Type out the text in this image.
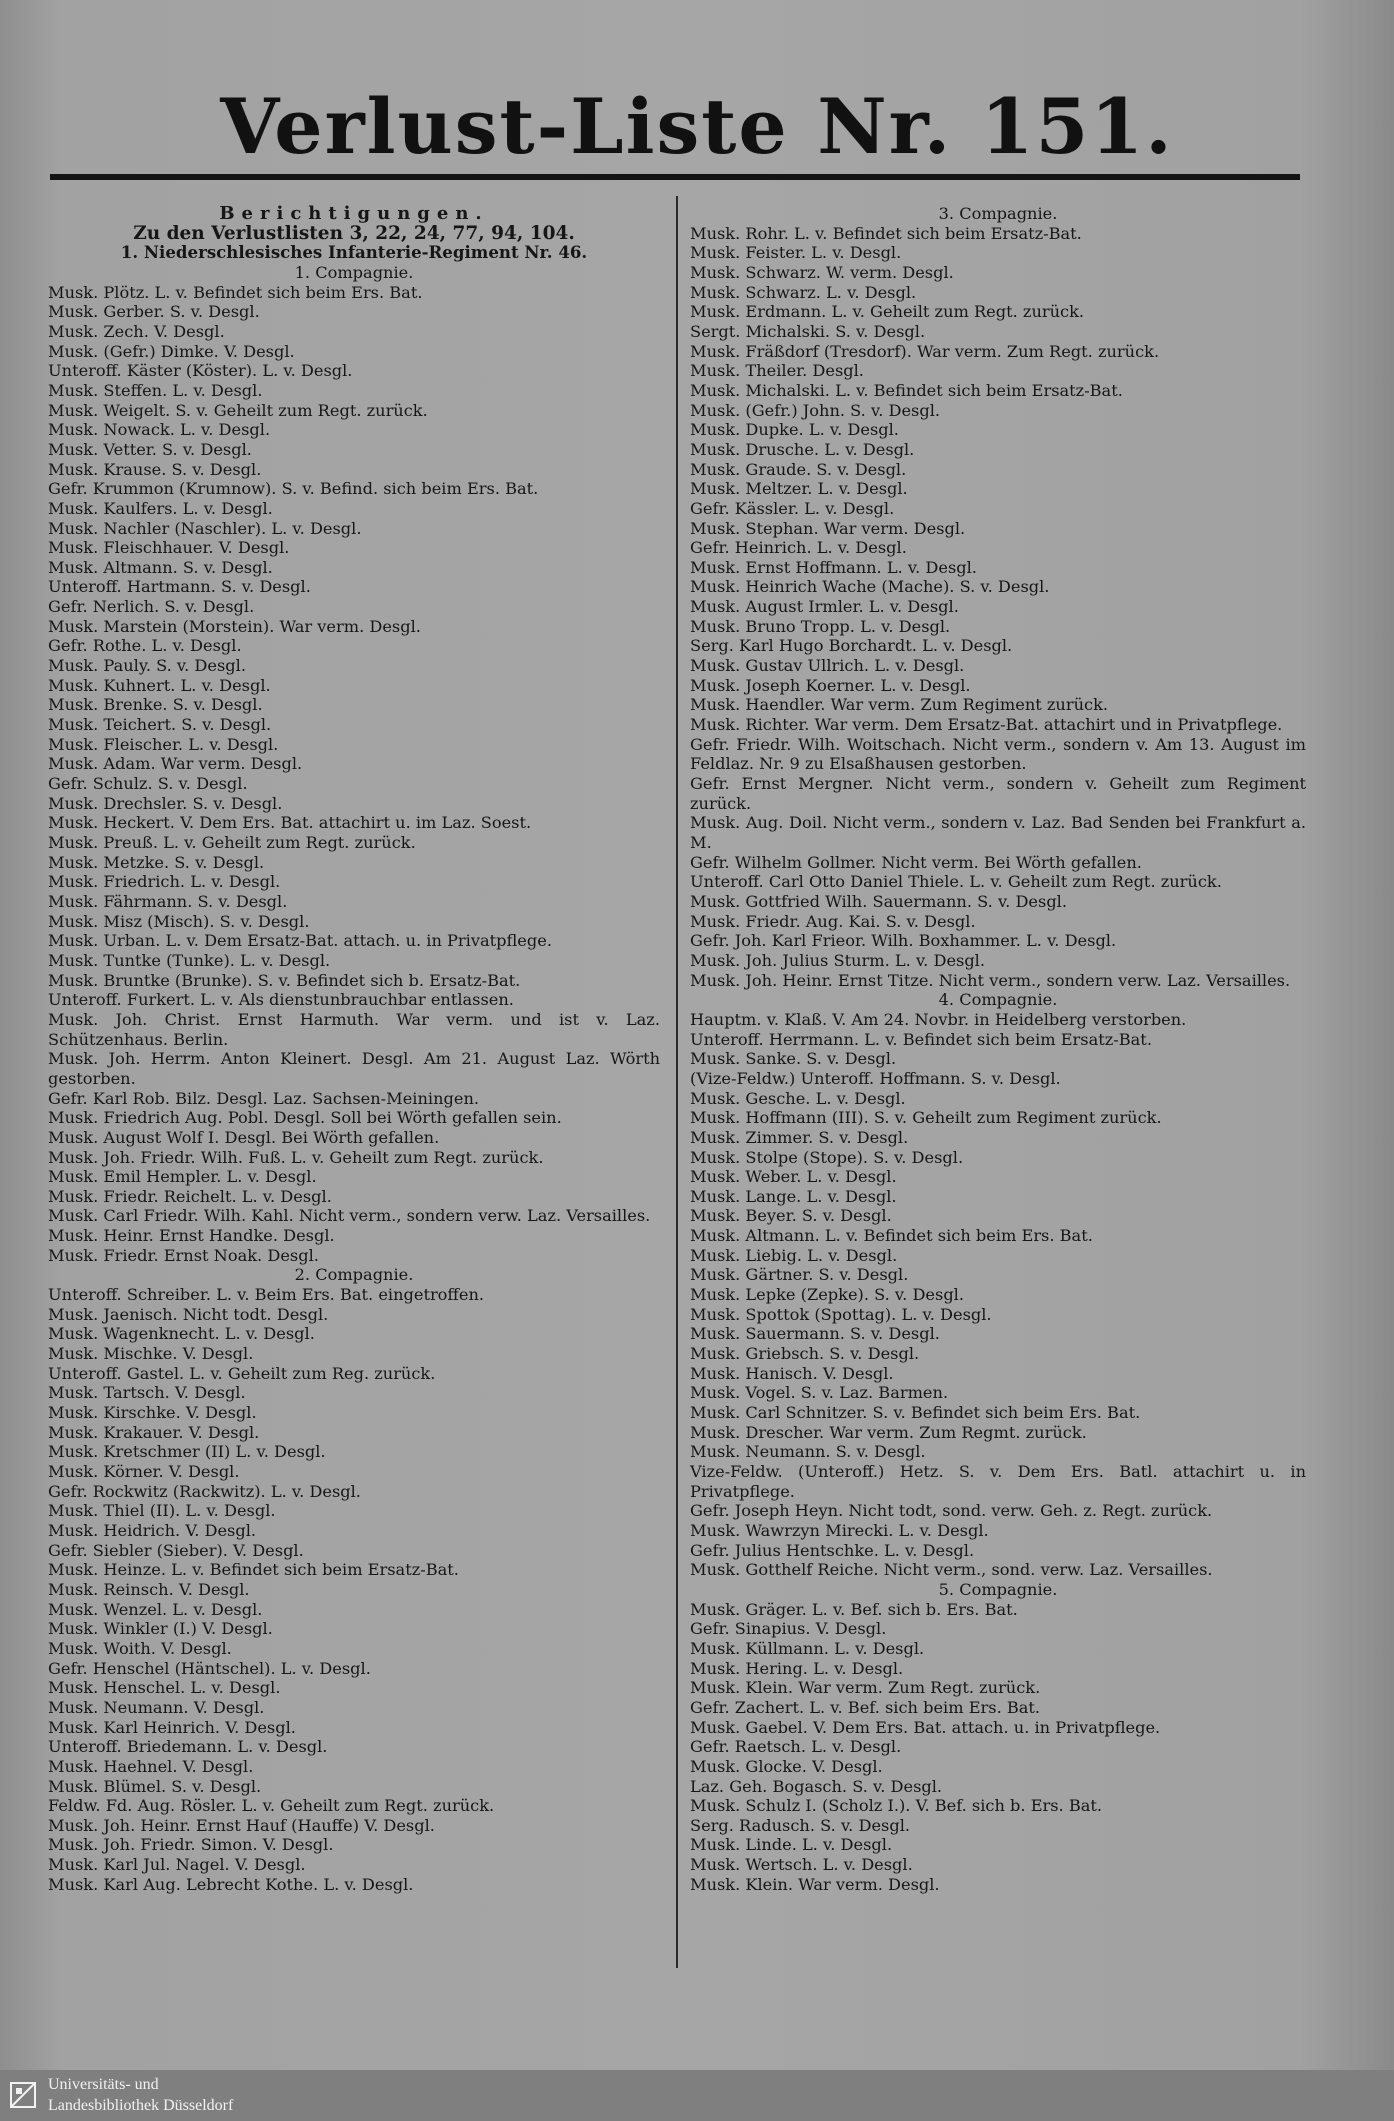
Verlust-Liste Nr. 151.
Berichtigungen.
Zu den Verlustlisten 3, 22, 24, 77, 94, 104.
1. Niederschlesisches Infanterie-Regiment Nr. 46.
1. Compagnie.
Musk. Plötz. L. v. Befindet sich beim Ers. Bat.
Musk. Gerber. S. v. Desgl.
Musk. Zech. V. Desgl.
Musk. (Gefr.) Dimke. V. Desgl.
Unteroff. Käster (Köster). L. v. Desgl.
Musk. Steffen. L. v. Desgl.
Musk. Weigelt. S. v. Geheilt zum Regt. zurück.
Musk. Nowack. L. v. Desgl.
Musk. Vetter. S. v. Desgl.
Musk. Krause. S. v. Desgl.
Gefr. Krummon (Krumnow). S. v. Befind. sich beim Ers. Bat.
Musk. Kaulfers. L. v. Desgl.
Musk. Nachler (Naschler). L. v. Desgl.
Musk. Fleischhauer. V. Desgl.
Musk. Altmann. S. v. Desgl.
Unteroff. Hartmann. S. v. Desgl.
Gefr. Nerlich. S. v. Desgl.
Musk. Marstein (Morstein). War verm. Desgl.
Gefr. Rothe. L. v. Desgl.
Musk. Pauly. S. v. Desgl.
Musk. Kuhnert. L. v. Desgl.
Musk. Brenke. S. v. Desgl.
Musk. Teichert. S. v. Desgl.
Musk. Fleischer. L. v. Desgl.
Musk. Adam. War verm. Desgl.
Gefr. Schulz. S. v. Desgl.
Musk. Drechsler. S. v. Desgl.
Musk. Heckert. V. Dem Ers. Bat. attachirt u. im Laz. Soest.
Musk. Preuß. L. v. Geheilt zum Regt. zurück.
Musk. Metzke. S. v. Desgl.
Musk. Friedrich. L. v. Desgl.
Musk. Fährmann. S. v. Desgl.
Musk. Misz (Misch). S. v. Desgl.
Musk. Urban. L. v. Dem Ersatz-Bat. attach. u. in Privatpflege.
Musk. Tuntke (Tunke). L. v. Desgl.
Musk. Bruntke (Brunke). S. v. Befindet sich b. Ersatz-Bat.
Unteroff. Furkert. L. v. Als dienstunbrauchbar entlassen.
Musk. Joh. Christ. Ernst Harmuth. War verm. und ist v. Laz. Schützenhaus. Berlin.
Musk. Joh. Herrm. Anton Kleinert. Desgl. Am 21. August Laz. Wörth gestorben.
Gefr. Karl Rob. Bilz. Desgl. Laz. Sachsen-Meiningen.
Musk. Friedrich Aug. Pobl. Desgl. Soll bei Wörth gefallen sein.
Musk. August Wolf I. Desgl. Bei Wörth gefallen.
Musk. Joh. Friedr. Wilh. Fuß. L. v. Geheilt zum Regt. zurück.
Musk. Emil Hempler. L. v. Desgl.
Musk. Friedr. Reichelt. L. v. Desgl.
Musk. Carl Friedr. Wilh. Kahl. Nicht verm., sondern verw. Laz. Versailles.
Musk. Heinr. Ernst Handke. Desgl.
Musk. Friedr. Ernst Noak. Desgl.
2. Compagnie.
Unteroff. Schreiber. L. v. Beim Ers. Bat. eingetroffen.
Musk. Jaenisch. Nicht todt. Desgl.
Musk. Wagenknecht. L. v. Desgl.
Musk. Mischke. V. Desgl.
Unteroff. Gastel. L. v. Geheilt zum Reg. zurück.
Musk. Tartsch. V. Desgl.
Musk. Kirschke. V. Desgl.
Musk. Krakauer. V. Desgl.
Musk. Kretschmer (II) L. v. Desgl.
Musk. Körner. V. Desgl.
Gefr. Rockwitz (Rackwitz). L. v. Desgl.
Musk. Thiel (II). L. v. Desgl.
Musk. Heidrich. V. Desgl.
Gefr. Siebler (Sieber). V. Desgl.
Musk. Heinze. L. v. Befindet sich beim Ersatz-Bat.
Musk. Reinsch. V. Desgl.
Musk. Wenzel. L. v. Desgl.
Musk. Winkler (I.) V. Desgl.
Musk. Woith. V. Desgl.
Gefr. Henschel (Häntschel). L. v. Desgl.
Musk. Henschel. L. v. Desgl.
Musk. Neumann. V. Desgl.
Musk. Karl Heinrich. V. Desgl.
Unteroff. Briedemann. L. v. Desgl.
Musk. Haehnel. V. Desgl.
Musk. Blümel. S. v. Desgl.
Feldw. Fd. Aug. Rösler. L. v. Geheilt zum Regt. zurück.
Musk. Joh. Heinr. Ernst Hauf (Hauffe) V. Desgl.
Musk. Joh. Friedr. Simon. V. Desgl.
Musk. Karl Jul. Nagel. V. Desgl.
Musk. Karl Aug. Lebrecht Kothe. L. v. Desgl.
3. Compagnie.
Musk. Rohr. L. v. Befindet sich beim Ersatz-Bat.
Musk. Feister. L. v. Desgl.
Musk. Schwarz. W. verm. Desgl.
Musk. Schwarz. L. v. Desgl.
Musk. Erdmann. L. v. Geheilt zum Regt. zurück.
Sergt. Michalski. S. v. Desgl.
Musk. Fräßdorf (Tresdorf). War verm. Zum Regt. zurück.
Musk. Theiler. Desgl.
Musk. Michalski. L. v. Befindet sich beim Ersatz-Bat.
Musk. (Gefr.) John. S. v. Desgl.
Musk. Dupke. L. v. Desgl.
Musk. Drusche. L. v. Desgl.
Musk. Graude. S. v. Desgl.
Musk. Meltzer. L. v. Desgl.
Gefr. Kässler. L. v. Desgl.
Musk. Stephan. War verm. Desgl.
Gefr. Heinrich. L. v. Desgl.
Musk. Ernst Hoffmann. L. v. Desgl.
Musk. Heinrich Wache (Mache). S. v. Desgl.
Musk. August Irmler. L. v. Desgl.
Musk. Bruno Tropp. L. v. Desgl.
Serg. Karl Hugo Borchardt. L. v. Desgl.
Musk. Gustav Ullrich. L. v. Desgl.
Musk. Joseph Koerner. L. v. Desgl.
Musk. Haendler. War verm. Zum Regiment zurück.
Musk. Richter. War verm. Dem Ersatz-Bat. attachirt und in Privatpflege.
Gefr. Friedr. Wilh. Woitschach. Nicht verm., sondern v. Am 13. August im Feldlaz. Nr. 9 zu Elsaßhausen gestorben.
Gefr. Ernst Mergner. Nicht verm., sondern v. Geheilt zum Regiment zurück.
Musk. Aug. Doil. Nicht verm., sondern v. Laz. Bad Senden bei Frankfurt a. M.
Gefr. Wilhelm Gollmer. Nicht verm. Bei Wörth gefallen.
Unteroff. Carl Otto Daniel Thiele. L. v. Geheilt zum Regt. zurück.
Musk. Gottfried Wilh. Sauermann. S. v. Desgl.
Musk. Friedr. Aug. Kai. S. v. Desgl.
Gefr. Joh. Karl Frieor. Wilh. Boxhammer. L. v. Desgl.
Musk. Joh. Julius Sturm. L. v. Desgl.
Musk. Joh. Heinr. Ernst Titze. Nicht verm., sondern verw. Laz. Versailles.
4. Compagnie.
Hauptm. v. Klaß. V. Am 24. Novbr. in Heidelberg verstorben.
Unteroff. Herrmann. L. v. Befindet sich beim Ersatz-Bat.
Musk. Sanke. S. v. Desgl.
(Vize-Feldw.) Unteroff. Hoffmann. S. v. Desgl.
Musk. Gesche. L. v. Desgl.
Musk. Hoffmann (III). S. v. Geheilt zum Regiment zurück.
Musk. Zimmer. S. v. Desgl.
Musk. Stolpe (Stope). S. v. Desgl.
Musk. Weber. L. v. Desgl.
Musk. Lange. L. v. Desgl.
Musk. Beyer. S. v. Desgl.
Musk. Altmann. L. v. Befindet sich beim Ers. Bat.
Musk. Liebig. L. v. Desgl.
Musk. Gärtner. S. v. Desgl.
Musk. Lepke (Zepke). S. v. Desgl.
Musk. Spottok (Spottag). L. v. Desgl.
Musk. Sauermann. S. v. Desgl.
Musk. Griebsch. S. v. Desgl.
Musk. Hanisch. V. Desgl.
Musk. Vogel. S. v. Laz. Barmen.
Musk. Carl Schnitzer. S. v. Befindet sich beim Ers. Bat.
Musk. Drescher. War verm. Zum Regmt. zurück.
Musk. Neumann. S. v. Desgl.
Vize-Feldw. (Unteroff.) Hetz. S. v. Dem Ers. Batl. attachirt u. in Privatpflege.
Gefr. Joseph Heyn. Nicht todt, sond. verw. Geh. z. Regt. zurück.
Musk. Wawrzyn Mirecki. L. v. Desgl.
Gefr. Julius Hentschke. L. v. Desgl.
Musk. Gotthelf Reiche. Nicht verm., sond. verw. Laz. Versailles.
5. Compagnie.
Musk. Gräger. L. v. Bef. sich b. Ers. Bat.
Gefr. Sinapius. V. Desgl.
Musk. Küllmann. L. v. Desgl.
Musk. Hering. L. v. Desgl.
Musk. Klein. War verm. Zum Regt. zurück.
Gefr. Zachert. L. v. Bef. sich beim Ers. Bat.
Musk. Gaebel. V. Dem Ers. Bat. attach. u. in Privatpflege.
Gefr. Raetsch. L. v. Desgl.
Musk. Glocke. V. Desgl.
Laz. Geh. Bogasch. S. v. Desgl.
Musk. Schulz I. (Scholz I.). V. Bef. sich b. Ers. Bat.
Serg. Radusch. S. v. Desgl.
Musk. Linde. L. v. Desgl.
Musk. Wertsch. L. v. Desgl.
Musk. Klein. War verm. Desgl.
Universitäts- und
Landesbibliothek Düsseldorf
